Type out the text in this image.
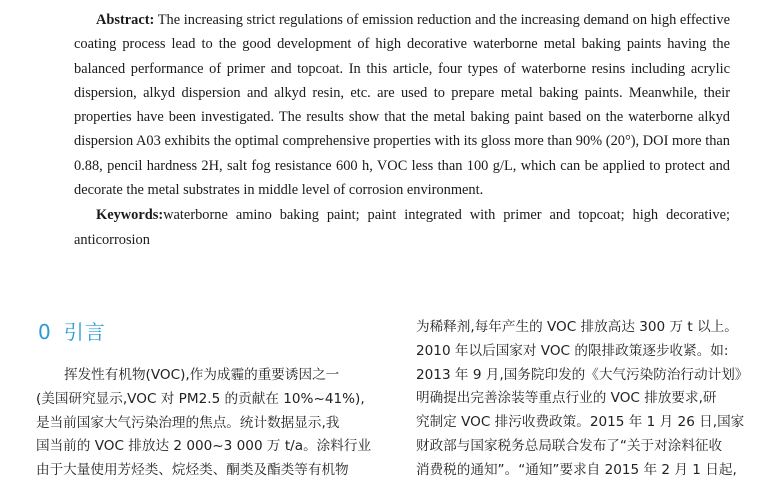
Abstract: The increasing strict regulations of emission reduction and the increasing demand on high effective coating process lead to the good development of high decorative waterborne metal baking paints having the balanced performance of primer and topcoat. In this article, four types of waterborne resins including acrylic dispersion, alkyd dispersion and alkyd resin, etc. are used to prepare metal baking paints. Meanwhile, their properties have been investigated. The results show that the metal baking paint based on the waterborne alkyd dispersion A03 exhibits the optimal comprehensive properties with its gloss more than 90% (20°), DOI more than 0.88, pencil hardness 2H, salt fog resistance 600 h, VOC less than 100 g/L, which can be applied to protect and decorate the metal substrates in middle level of corrosion environment.

Keywords:waterborne amino baking paint; paint integrated with primer and topcoat; high decorative; anticorrosion

0 引言
挥发性有机物(VOC),作为成霾的重要诱因之一
(美国研究显示,VOC 对 PM2.5 的贡献在 10%~41%),
是当前国家大气污染治理的焦点。统计数据显示,我
国当前的 VOC 排放达 2 000~3 000 万 t/a。涂料行业
由于大量使用芳烃类、烷烃类、酮类及酯类等有机物
为稀释剂,每年产生的 VOC 排放高达 300 万 t 以上。
2010 年以后国家对 VOC 的限排政策逐步收紧。如:
2013 年 9 月,国务院印发的《大气污染防治行动计划》
明确提出完善涂装等重点行业的 VOC 排放要求,研
究制定 VOC 排污收费政策。2015 年 1 月 26 日,国家
财政部与国家税务总局联合发布了“关于对涂料征收
消费税的通知”。“通知”要求自 2015 年 2 月 1 日起,
